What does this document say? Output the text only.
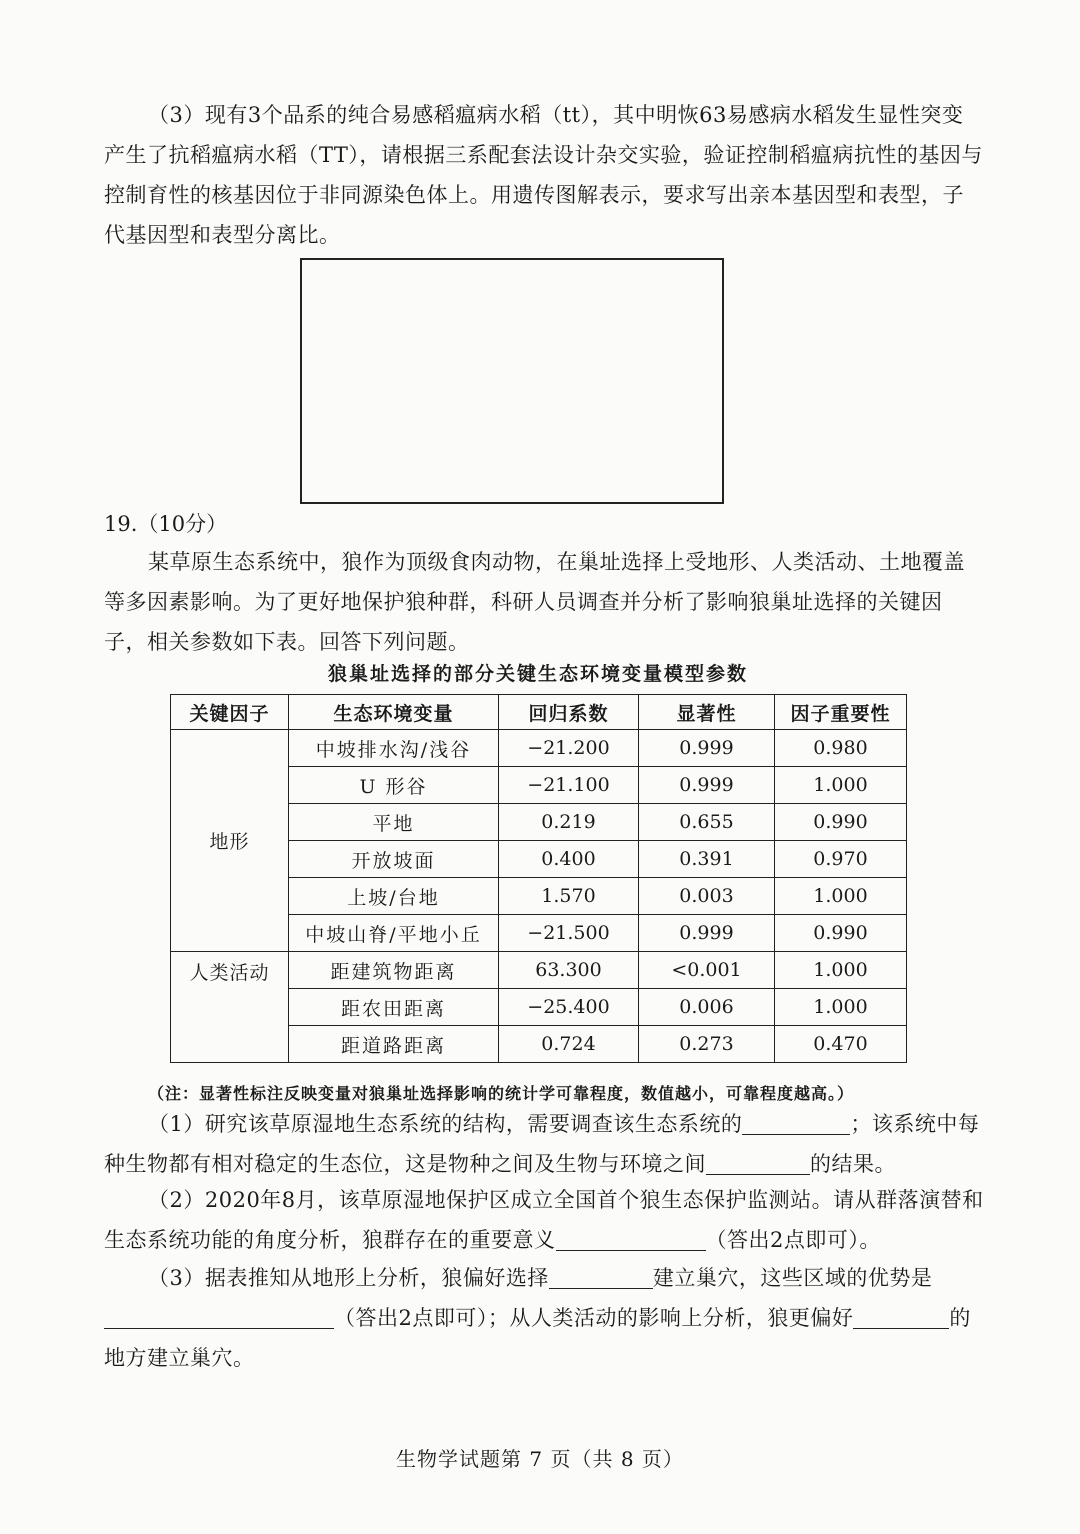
（3）现有3个品系的纯合易感稻瘟病水稻（tt），其中明恢63易感病水稻发生显性突变产生了抗稻瘟病水稻（TT），请根据三系配套法设计杂交实验，验证控制稻瘟病抗性的基因与控制育性的核基因位于非同源染色体上。用遗传图解表示，要求写出亲本基因型和表型，子代基因型和表型分离比。
19.（10分）
某草原生态系统中，狼作为顶级食肉动物，在巢址选择上受地形、人类活动、土地覆盖等多因素影响。为了更好地保护狼种群，科研人员调查并分析了影响狼巢址选择的关键因子，相关参数如下表。回答下列问题。
狼巢址选择的部分关键生态环境变量模型参数
关键因子	生态环境变量	回归系数	显著性	因子重要性
地形	中坡排水沟/浅谷	−21.200	0.999	0.980
	U 形谷	−21.100	0.999	1.000
	平地	0.219	0.655	0.990
	开放坡面	0.400	0.391	0.970
	上坡/台地	1.570	0.003	1.000
	中坡山脊/平地小丘	−21.500	0.999	0.990
人类活动	距建筑物距离	63.300	<0.001	1.000
	距农田距离	−25.400	0.006	1.000
	距道路距离	0.724	0.273	0.470
（注：显著性标注反映变量对狼巢址选择影响的统计学可靠程度，数值越小，可靠程度越高。）
（1）研究该草原湿地生态系统的结构，需要调查该生态系统的	；该系统中每种生物都有相对稳定的生态位，这是物种之间及生物与环境之间	的结果。
（2）2020年8月，该草原湿地保护区成立全国首个狼生态保护监测站。请从群落演替和生态系统功能的角度分析，狼群存在的重要意义	（答出2点即可）。
（3）据表推知从地形上分析，狼偏好选择	建立巢穴，这些区域的优势是（答出2点即可）；从人类活动的影响上分析，狼更偏好	的地方建立巢穴。
生物学试题第 7 页（共 8 页）
